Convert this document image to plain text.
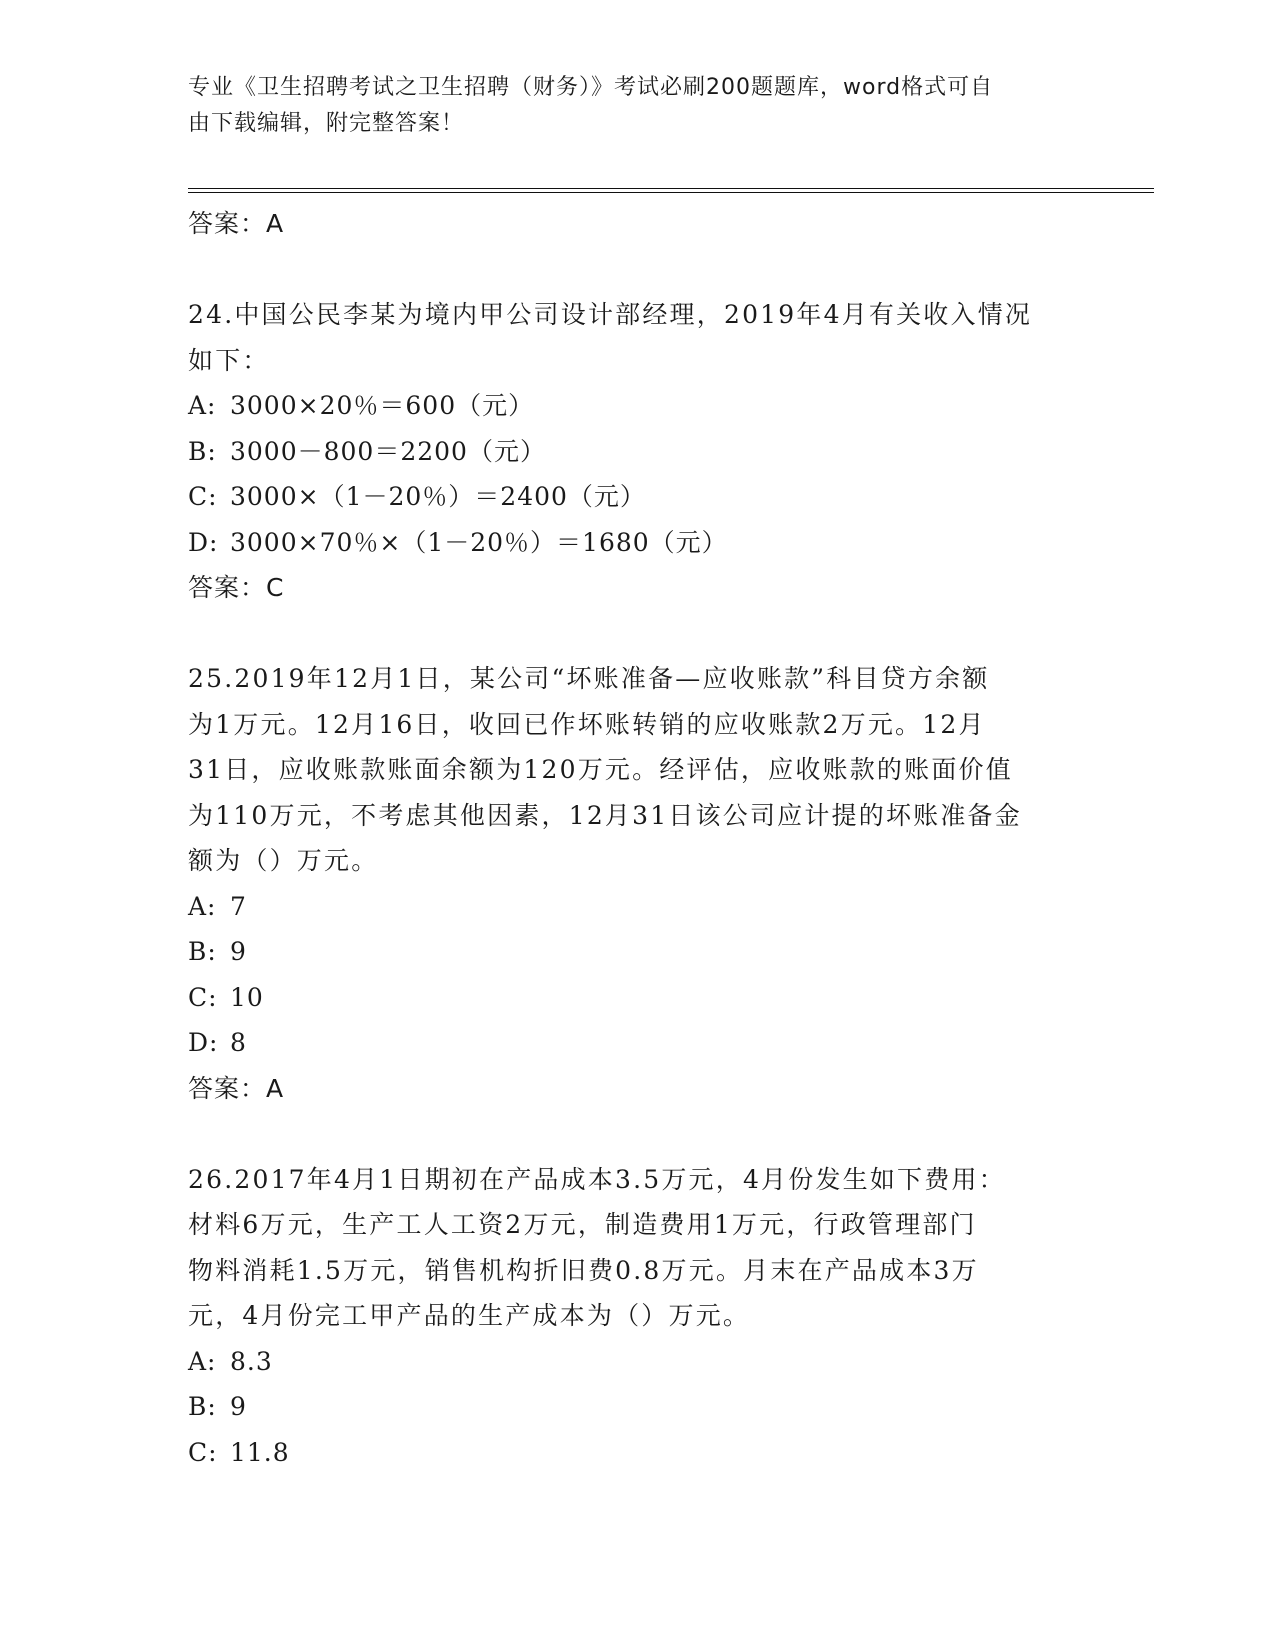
专业《卫生招聘考试之卫生招聘（财务）》考试必刷200题题库，word格式可自
由下载编辑，附完整答案！
答案：A
24.中国公民李某为境内甲公司设计部经理，2019年4月有关收入情况
如下：
A: 3000×20％＝600（元）
B: 3000－800＝2200（元）
C: 3000×（1－20％）＝2400（元）
D: 3000×70％×（1－20％）＝1680（元）
答案：C
25.2019年12月1日，某公司“坏账准备—应收账款”科目贷方余额
为1万元。12月16日，收回已作坏账转销的应收账款2万元。12月
31日，应收账款账面余额为120万元。经评估，应收账款的账面价值
为110万元，不考虑其他因素，12月31日该公司应计提的坏账准备金
额为（）万元。
A: 7
B: 9
C: 10
D: 8
答案：A
26.2017年4月1日期初在产品成本3.5万元，4月份发生如下费用：
材料6万元，生产工人工资2万元，制造费用1万元，行政管理部门
物料消耗1.5万元，销售机构折旧费0.8万元。月末在产品成本3万
元，4月份完工甲产品的生产成本为（）万元。
A: 8.3
B: 9
C: 11.8
